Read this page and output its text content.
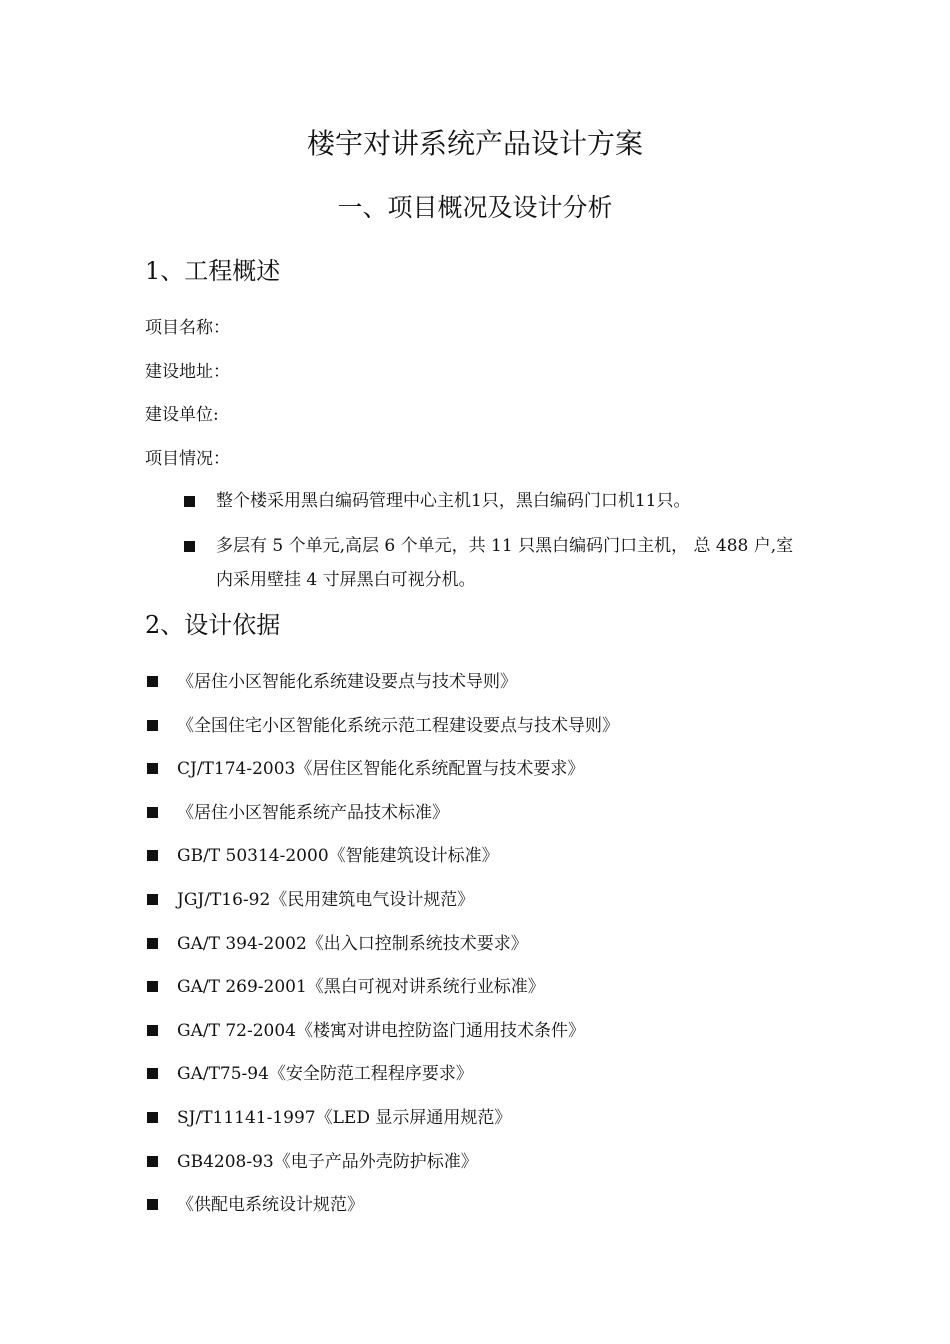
楼宇对讲系统产品设计方案
一、项目概况及设计分析
1、工程概述

项目名称：

建设地址：

建设单位:

项目情况：

整个楼采用黑白编码管理中心主机1只，黑白编码门口机11只。
多层有 5 个单元,高层 6 个单元，共 11 只黑白编码门口主机， 总 488 户,室内采用壁挂 4 寸屏黑白可视分机。
2、设计依据
《居住小区智能化系统建设要点与技术导则》
《全国住宅小区智能化系统示范工程建设要点与技术导则》
CJ/T174-2003《居住区智能化系统配置与技术要求》
《居住小区智能系统产品技术标准》
GB/T 50314-2000《智能建筑设计标准》
JGJ/T16-92《民用建筑电气设计规范》
GA/T 394-2002《出入口控制系统技术要求》
GA/T 269-2001《黑白可视对讲系统行业标准》
GA/T 72-2004《楼寓对讲电控防盗门通用技术条件》
GA/T75-94《安全防范工程程序要求》
SJ/T11141-1997《LED 显示屏通用规范》
GB4208-93《电子产品外壳防护标准》
《供配电系统设计规范》
